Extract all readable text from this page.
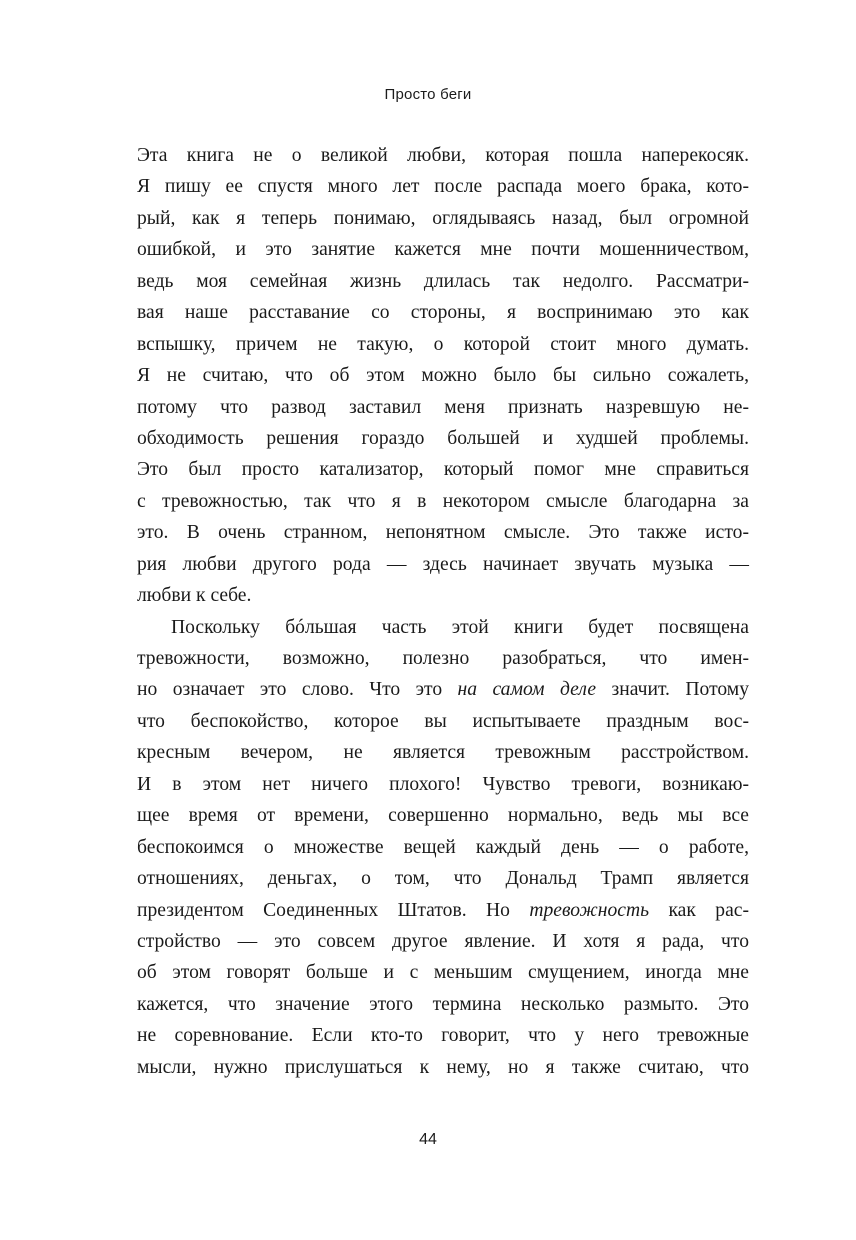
Просто беги
Эта книга не о великой любви, которая пошла наперекосяк.
Я пишу ее спустя много лет после распада моего брака, кото-
рый, как я теперь понимаю, оглядываясь назад, был огромной
ошибкой, и это занятие кажется мне почти мошенничеством,
ведь моя семейная жизнь длилась так недолго. Рассматри-
вая наше расставание со стороны, я воспринимаю это как
вспышку, причем не такую, о которой стоит много думать.
Я не считаю, что об этом можно было бы сильно сожалеть,
потому что развод заставил меня признать назревшую не-
обходимость решения гораздо большей и худшей проблемы.
Это был просто катализатор, который помог мне справиться
с тревожностью, так что я в некотором смысле благодарна за
это. В очень странном, непонятном смысле. Это также исто-
рия любви другого рода — здесь начинает звучать музыка —
любви к себе.
Поскольку бóльшая часть этой книги будет посвящена
тревожности, возможно, полезно разобраться, что имен-
но означает это слово. Что это на самом деле значит. Потому
что беспокойство, которое вы испытываете праздным вос-
кресным вечером, не является тревожным расстройством.
И в этом нет ничего плохого! Чувство тревоги, возникаю-
щее время от времени, совершенно нормально, ведь мы все
беспокоимся о множестве вещей каждый день — о работе,
отношениях, деньгах, о том, что Дональд Трамп является
президентом Соединенных Штатов. Но тревожность как рас-
стройство — это совсем другое явление. И хотя я рада, что
об этом говорят больше и с меньшим смущением, иногда мне
кажется, что значение этого термина несколько размыто. Это
не соревнование. Если кто-то говорит, что у него тревожные
мысли, нужно прислушаться к нему, но я также считаю, что
44
